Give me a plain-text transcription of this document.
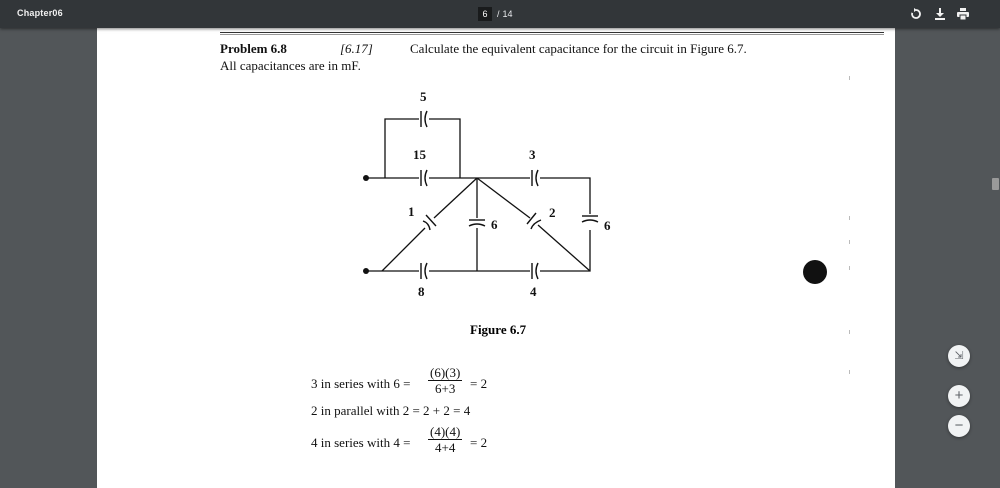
Chapter06	6	/ 14
Problem 6.8	[6.17]	Calculate the equivalent capacitance for the circuit in Figure 6.7.
All capacitances are in mF.
5
15	3
1
6
2
6
8	4
Figure 6.7
3 in series with $6 = \frac{(6)(3)}{6+3} = 2$
2 in parallel with 2 = 2 + 2 = 4
4 in series with $4 = \frac{(4)(4)}{4+4} = 2$
⇲
+
−
